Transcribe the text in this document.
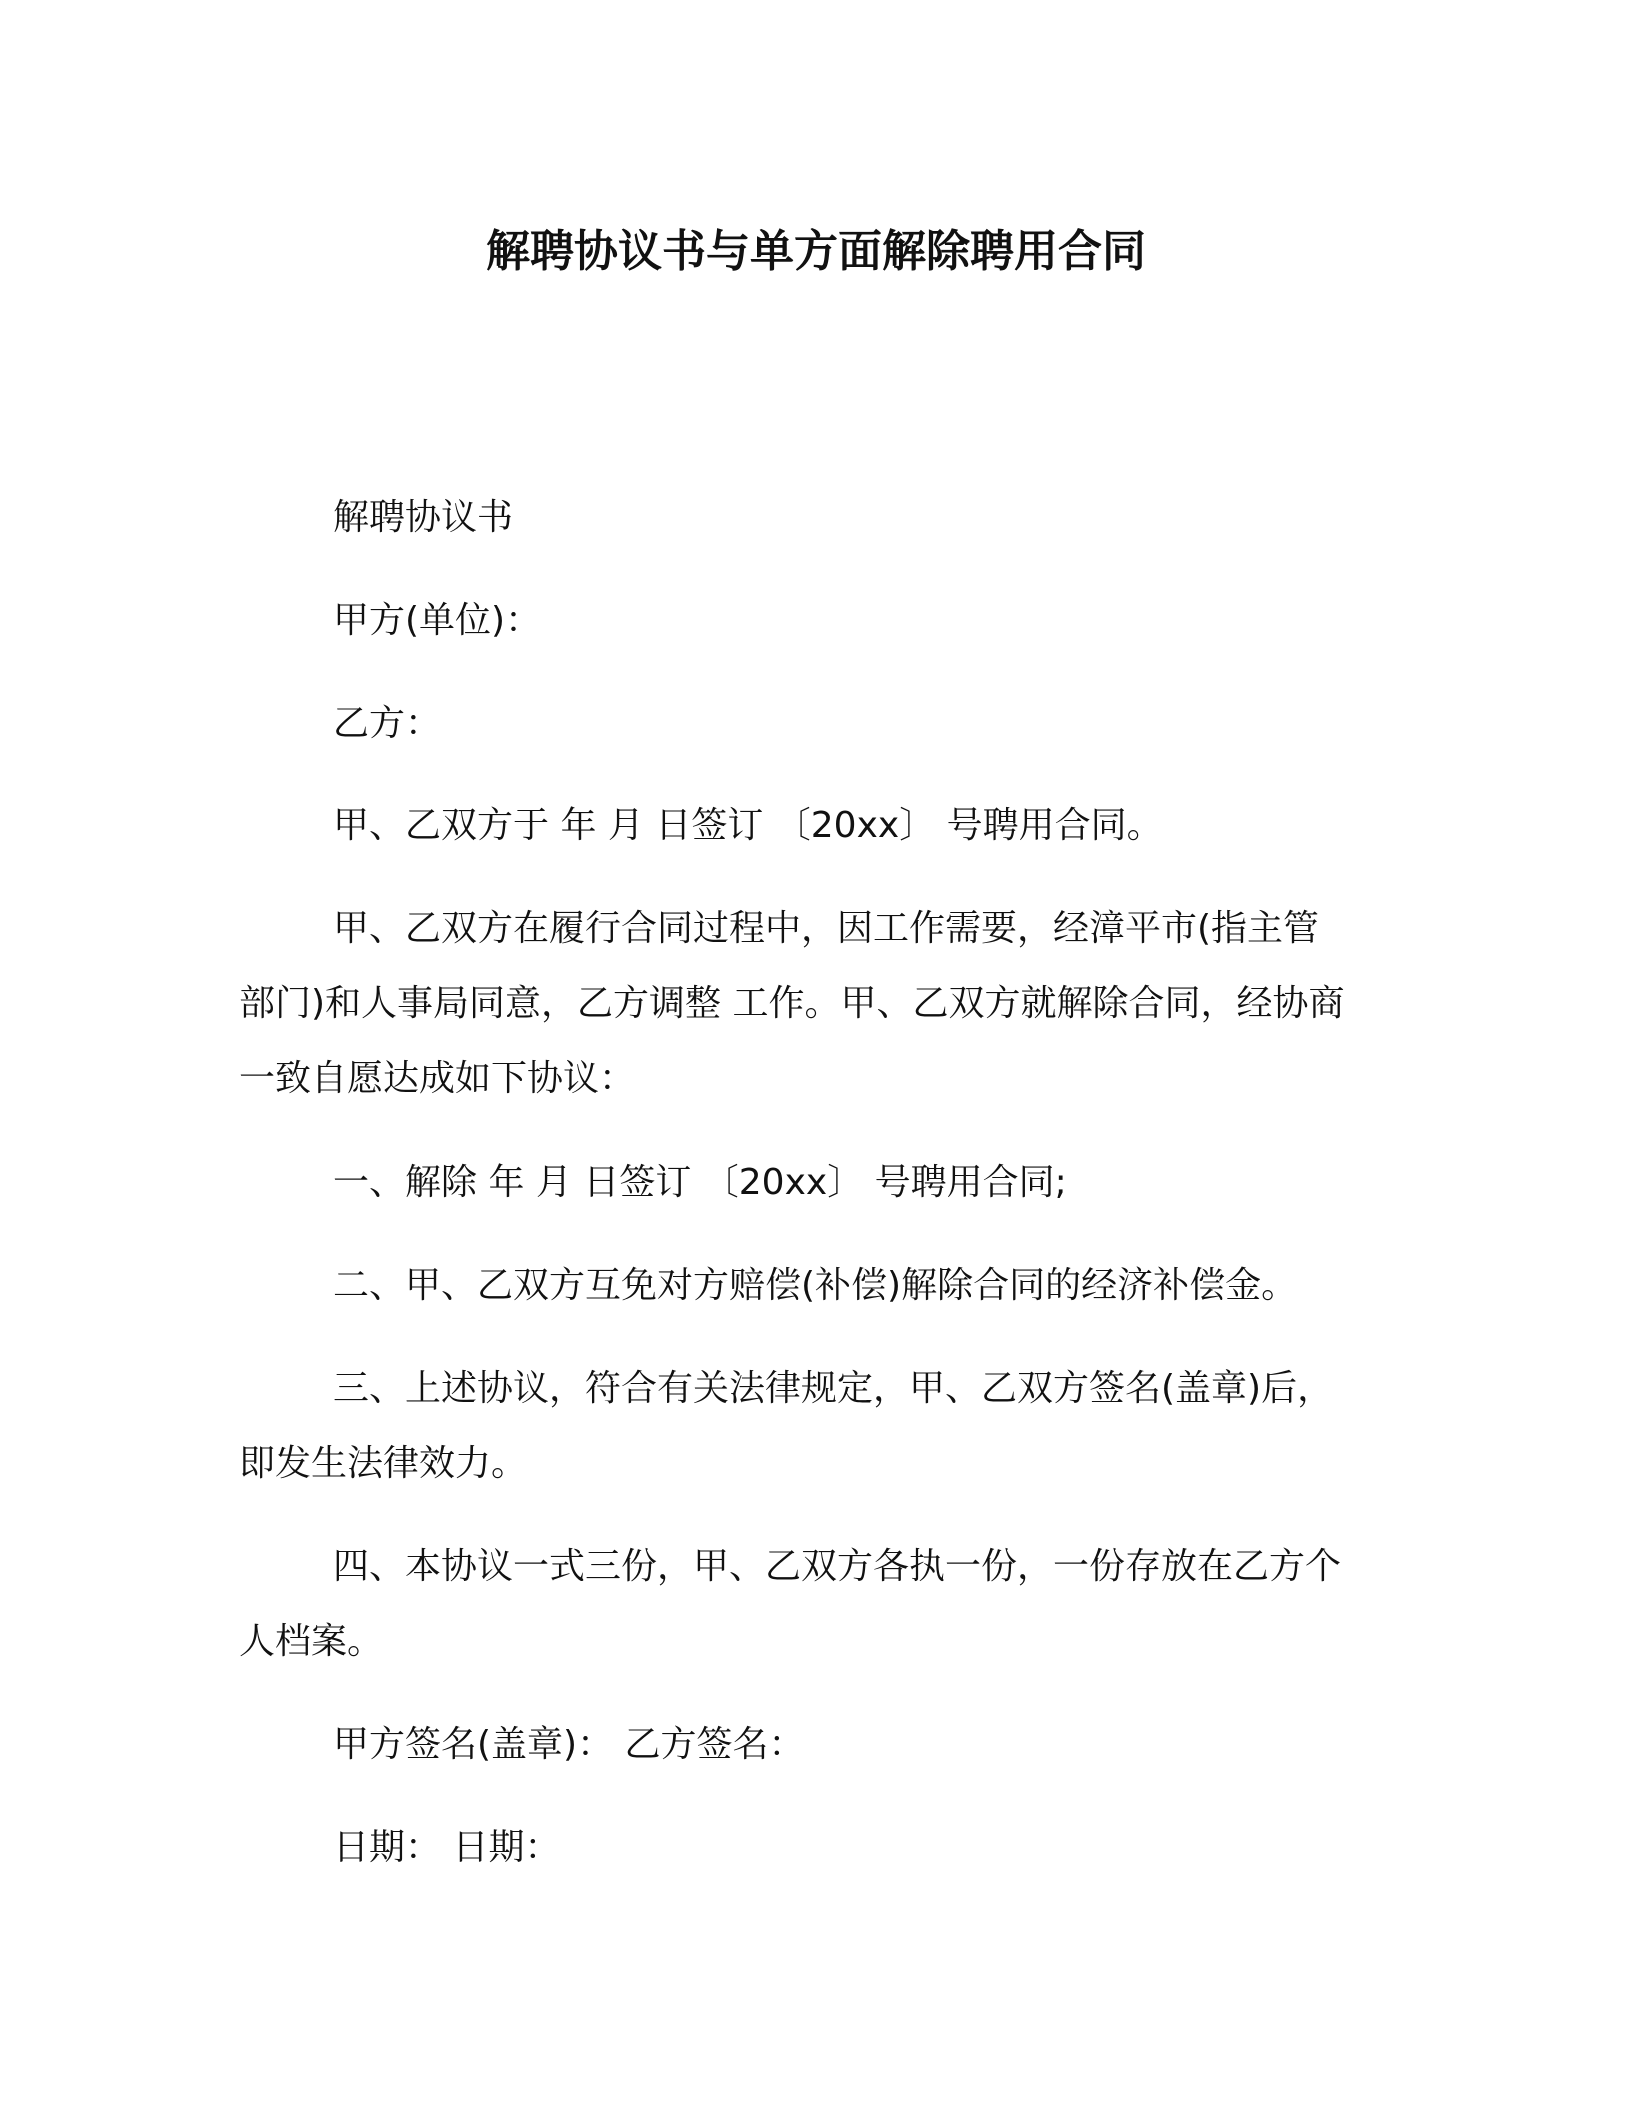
解聘协议书与单方面解除聘用合同

解聘协议书

甲方(单位)：

乙方：

甲、乙双方于 年 月 日签订 〔20xx〕 号聘用合同。

甲、乙双方在履行合同过程中，因工作需要，经漳平市(指主管

部门)和人事局同意，乙方调整 工作。甲、乙双方就解除合同，经协商

一致自愿达成如下协议：

一、解除 年 月 日签订 〔20xx〕 号聘用合同;

二、甲、乙双方互免对方赔偿(补偿)解除合同的经济补偿金。

三、上述协议，符合有关法律规定，甲、乙双方签名(盖章)后，

即发生法律效力。

四、本协议一式三份，甲、乙双方各执一份，一份存放在乙方个

人档案。

甲方签名(盖章)： 乙方签名：

日期： 日期：
